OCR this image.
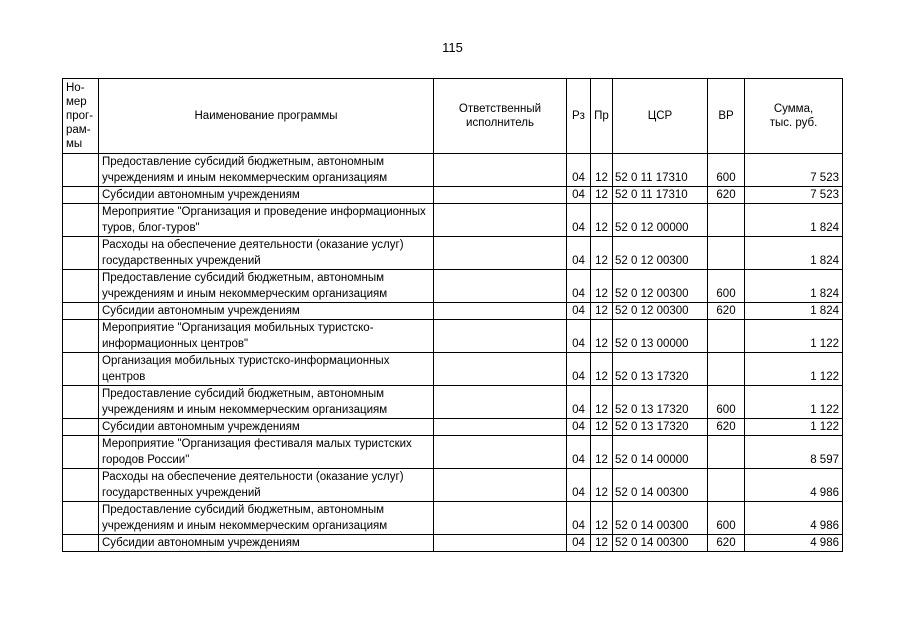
115
Но-
мер
прог-
рам-
мы	Наименование программы	Ответственный
исполнитель	Рз	Пр	ЦСР	ВР	Сумма,
тыс. руб.
	Предоставление субсидий бюджетным, автономным учреждениям и иным некоммерческим организациям		04	12	52 0 11 17310	600	7 523
	Субсидии автономным учреждениям		04	12	52 0 11 17310	620	7 523
	Мероприятие "Организация и проведение информационных туров, блог-туров"		04	12	52 0 12 00000		1 824
	Расходы на обеспечение деятельности (оказание услуг) государственных учреждений		04	12	52 0 12 00300		1 824
	Предоставление субсидий бюджетным, автономным учреждениям и иным некоммерческим организациям		04	12	52 0 12 00300	600	1 824
	Субсидии автономным учреждениям		04	12	52 0 12 00300	620	1 824
	Мероприятие "Организация мобильных туристско-информационных центров"		04	12	52 0 13 00000		1 122
	Организация мобильных туристско-информационных центров		04	12	52 0 13 17320		1 122
	Предоставление субсидий бюджетным, автономным учреждениям и иным некоммерческим организациям		04	12	52 0 13 17320	600	1 122
	Субсидии автономным учреждениям		04	12	52 0 13 17320	620	1 122
	Мероприятие "Организация фестиваля малых туристских городов России"		04	12	52 0 14 00000		8 597
	Расходы на обеспечение деятельности (оказание услуг) государственных учреждений		04	12	52 0 14 00300		4 986
	Предоставление субсидий бюджетным, автономным учреждениям и иным некоммерческим организациям		04	12	52 0 14 00300	600	4 986
	Субсидии автономным учреждениям		04	12	52 0 14 00300	620	4 986
